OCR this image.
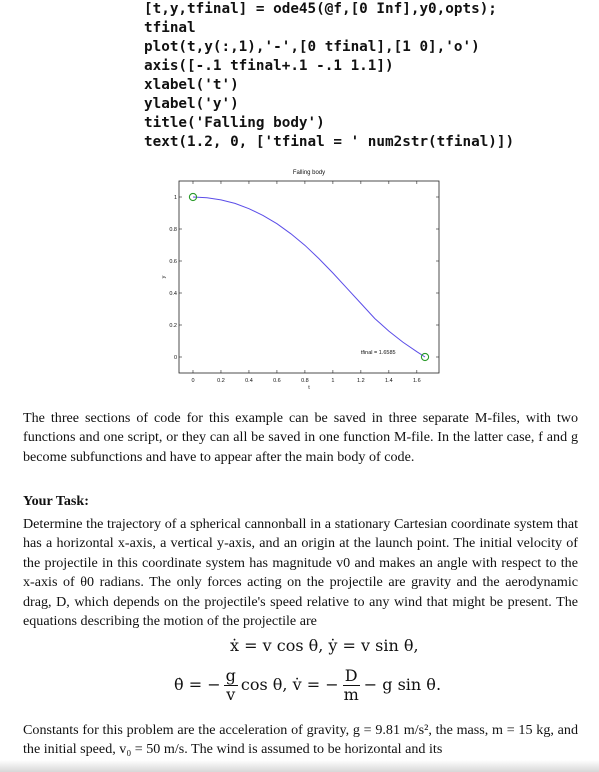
[t,y,tfinal] = ode45(@f,[0 Inf],y0,opts);
tfinal
plot(t,y(:,1),'-',[0 tfinal],[1 0],'o')
axis([-.1 tfinal+.1 -.1 1.1])
xlabel('t')
ylabel('y')
title('Falling body')
text(1.2, 0, ['tfinal = ' num2str(tfinal)])
0	0.2	0.4	0.6	0.8	1	1.2	1.4	1.6
0
0.2
0.4
0.6
0.8
1
Falling body
t
y
tfinal = 1.6585

The three sections of code for this example can be saved in three separate M-files, with two functions and one script, or they can all be saved in one function M-file. In the latter case, f and g become subfunctions and have to appear after the main body of code.

Your Task:

Determine the trajectory of a spherical cannonball in a stationary Cartesian coordinate system that has a horizontal x-axis, a vertical y-axis, and an origin at the launch point. The initial velocity of the projectile in this coordinate system has magnitude v0 and makes an angle with respect to the x-axis of θ0 radians. The only forces acting on the projectile are gravity and the aerodynamic drag, D, which depends on the projectile's speed relative to any wind that might be present. The equations describing the motion of the projectile are

ẋ = v cos θ, ẏ = v sin θ,
θ̇ = − $\frac{g}{v}$ cos θ, v̇ = − $\frac{D}{m} - g$ sin θ.

Constants for this problem are the acceleration of gravity, g = 9.81 m/s², the mass, m = 15 kg, and the initial speed, v₀ = 50 m/s. The wind is assumed to be horizontal and its
